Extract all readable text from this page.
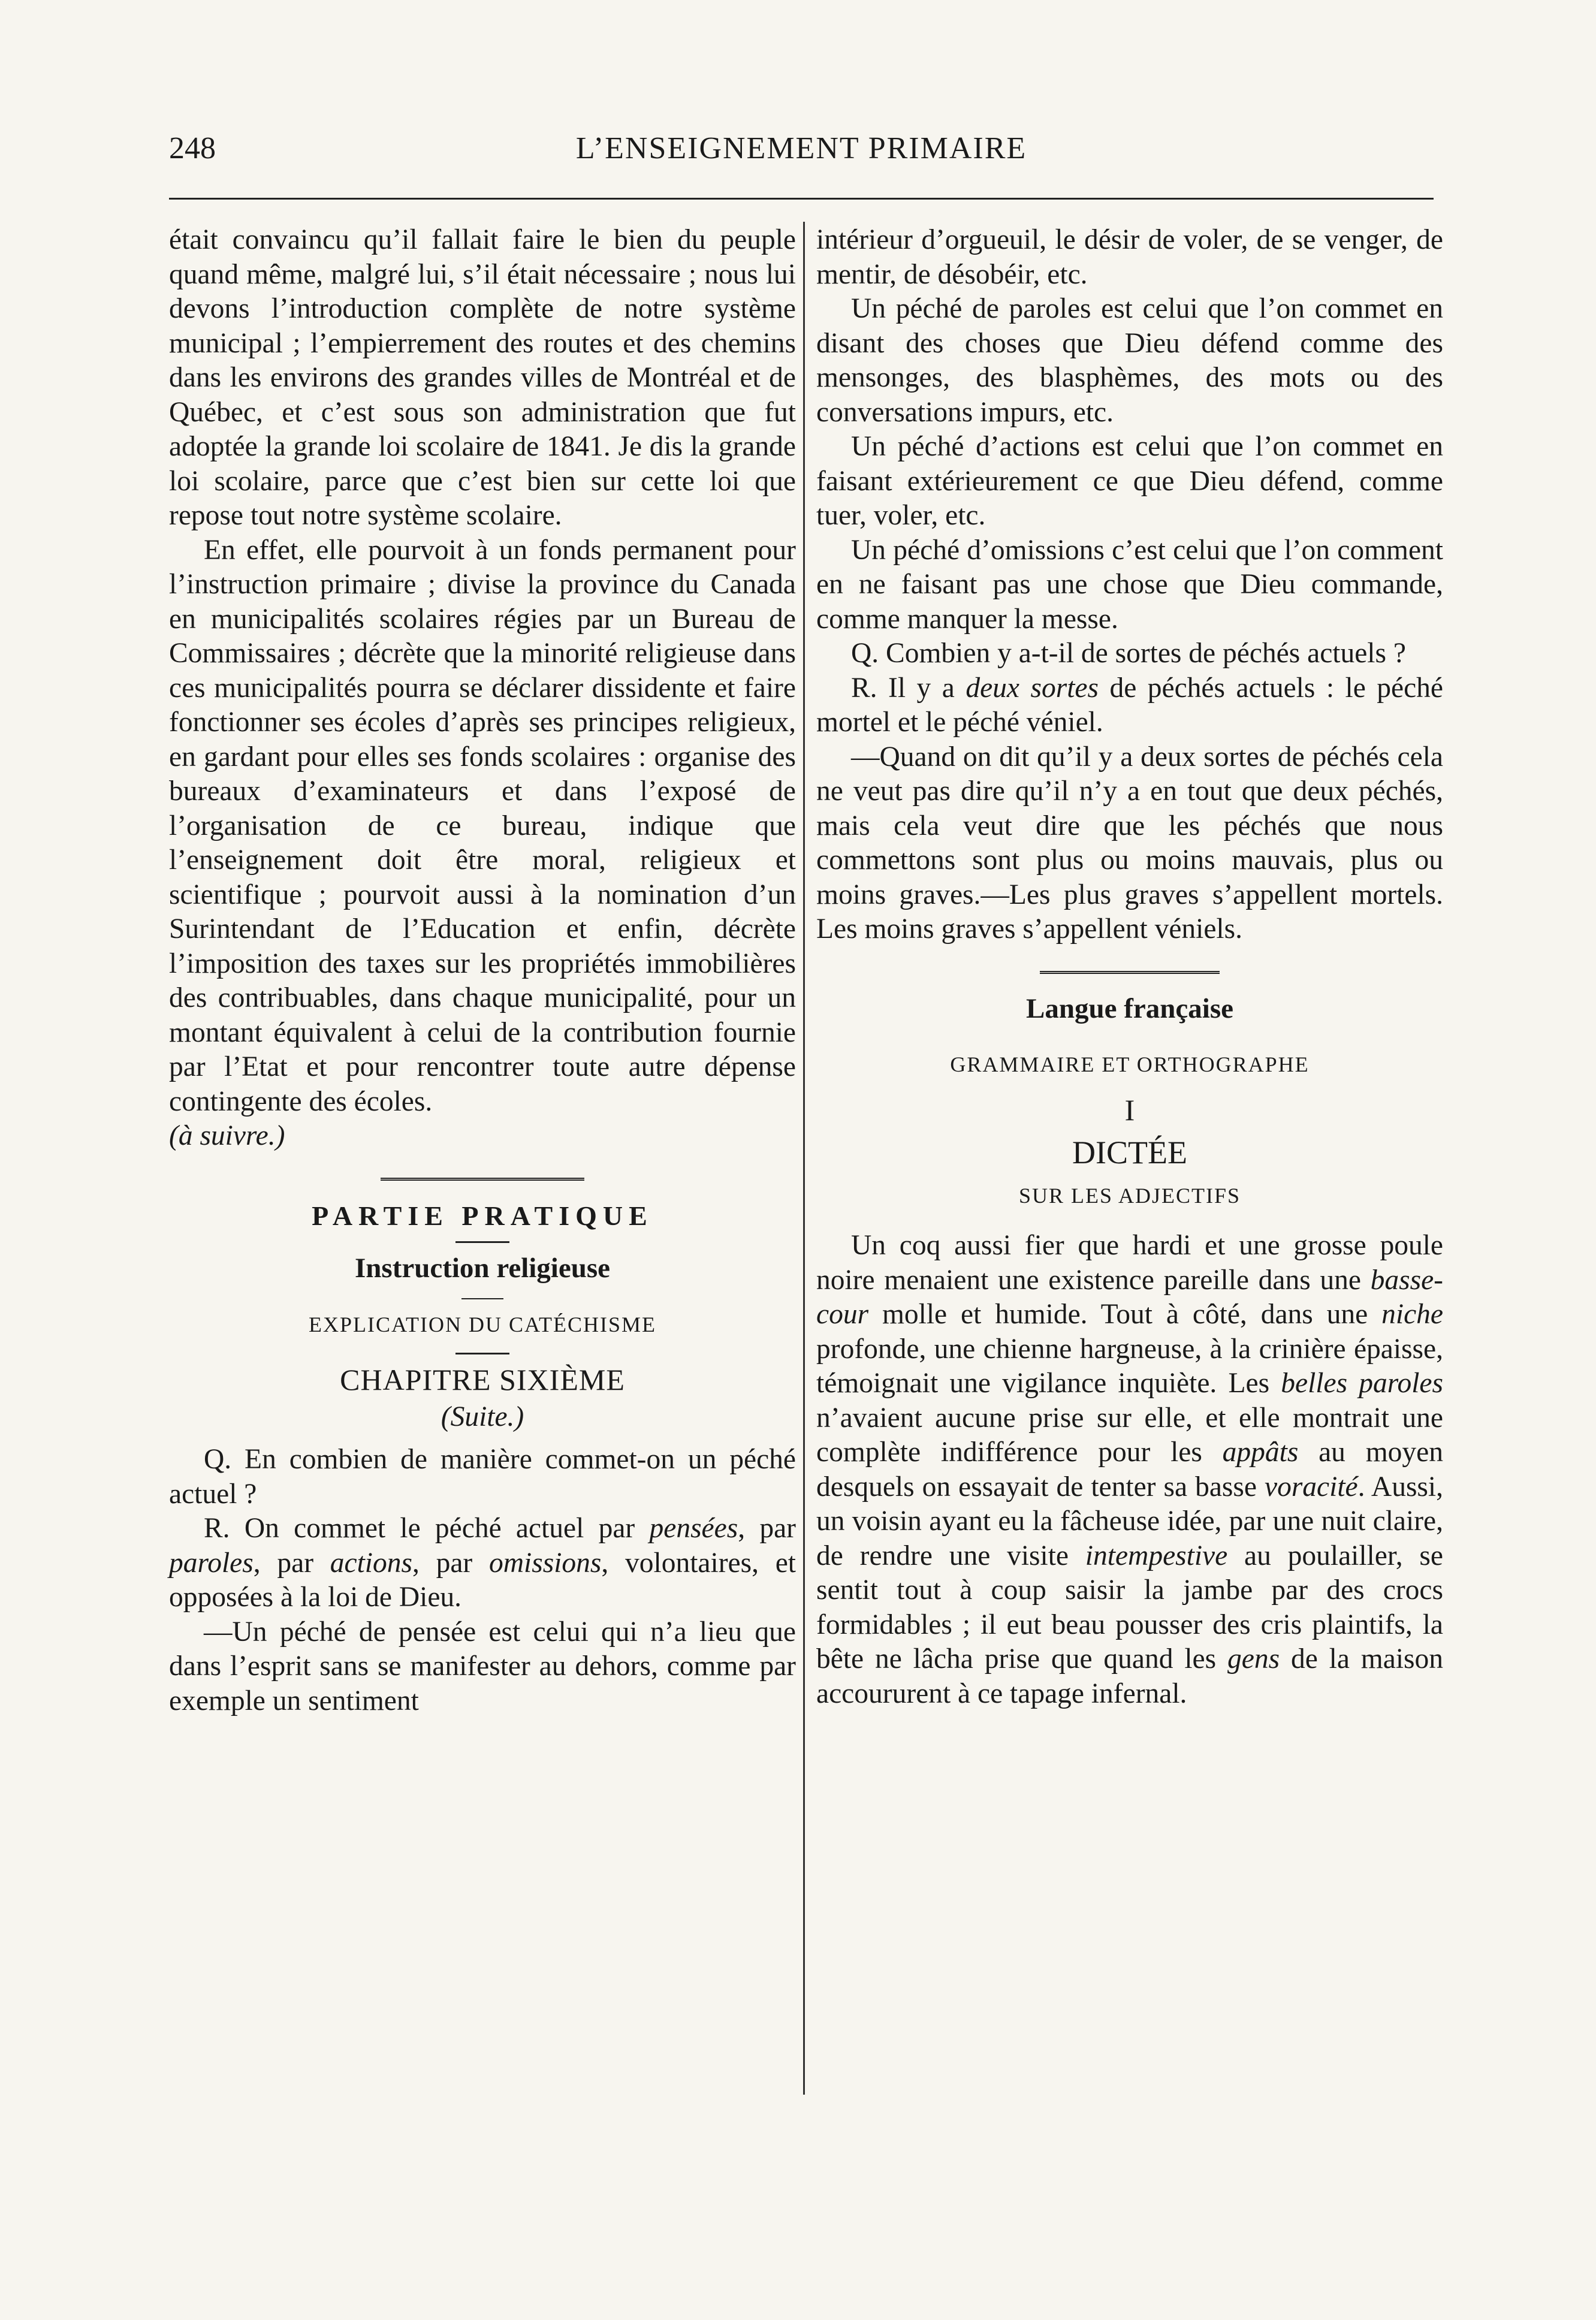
248	L’ENSEIGNEMENT PRIMAIRE

était convaincu qu’il fallait faire le bien du peuple quand même, malgré lui, s’il était nécessaire ; nous lui devons l’introduction complète de notre système municipal ; l’empierrement des routes et des chemins dans les environs des grandes villes de Montréal et de Québec, et c’est sous son administration que fut adoptée la grande loi scolaire de 1841. Je dis la grande loi scolaire, parce que c’est bien sur cette loi que repose tout notre système scolaire.

En effet, elle pourvoit à un fonds permanent pour l’instruction primaire ; divise la province du Canada en municipalités scolaires régies par un Bureau de Commissaires ; décrète que la minorité religieuse dans ces municipalités pourra se déclarer dissidente et faire fonctionner ses écoles d’après ses principes religieux, en gardant pour elles ses fonds scolaires : organise des bureaux d’examinateurs et dans l’exposé de l’organisation de ce bureau, indique que l’enseignement doit être moral, religieux et scientifique ; pourvoit aussi à la nomination d’un Surintendant de l’Education et enfin, décrète l’imposition des taxes sur les propriétés immobilières des contribuables, dans chaque municipalité, pour un montant équivalent à celui de la contribution fournie par l’Etat et pour rencontrer toute autre dépense contingente des écoles.

(à suivre.)

PARTIE PRATIQUE
Instruction religieuse
EXPLICATION DU CATÉCHISME
CHAPITRE SIXIÈME
(Suite.)

Q. En combien de manière commet-on un péché actuel ?

R. On commet le péché actuel par pensées, par paroles, par actions, par omissions, volontaires, et opposées à la loi de Dieu.

—Un péché de pensée est celui qui n’a lieu que dans l’esprit sans se manifester au dehors, comme par exemple un sentiment

intérieur d’orgueuil, le désir de voler, de se venger, de mentir, de désobéir, etc.

Un péché de paroles est celui que l’on commet en disant des choses que Dieu défend comme des mensonges, des blasphèmes, des mots ou des conversations impurs, etc.

Un péché d’actions est celui que l’on commet en faisant extérieurement ce que Dieu défend, comme tuer, voler, etc.

Un péché d’omissions c’est celui que l’on comment en ne faisant pas une chose que Dieu commande, comme manquer la messe.

Q. Combien y a-t-il de sortes de péchés actuels ?

R. Il y a deux sortes de péchés actuels : le péché mortel et le péché véniel.

—Quand on dit qu’il y a deux sortes de péchés cela ne veut pas dire qu’il n’y a en tout que deux péchés, mais cela veut dire que les péchés que nous commettons sont plus ou moins mauvais, plus ou moins graves.—Les plus graves s’appellent mortels. Les moins graves s’appellent véniels.

Langue française
GRAMMAIRE ET ORTHOGRAPHE
I
DICTÉE
SUR LES ADJECTIFS

Un coq aussi fier que hardi et une grosse poule noire menaient une existence pareille dans une basse-cour molle et humide. Tout à côté, dans une niche profonde, une chienne hargneuse, à la crinière épaisse, témoignait une vigilance inquiète. Les belles paroles n’avaient aucune prise sur elle, et elle montrait une complète indifférence pour les appâts au moyen desquels on essayait de tenter sa basse voracité. Aussi, un voisin ayant eu la fâcheuse idée, par une nuit claire, de rendre une visite intempestive au poulailler, se sentit tout à coup saisir la jambe par des crocs formidables ; il eut beau pousser des cris plaintifs, la bête ne lâcha prise que quand les gens de la maison accoururent à ce tapage infernal.
